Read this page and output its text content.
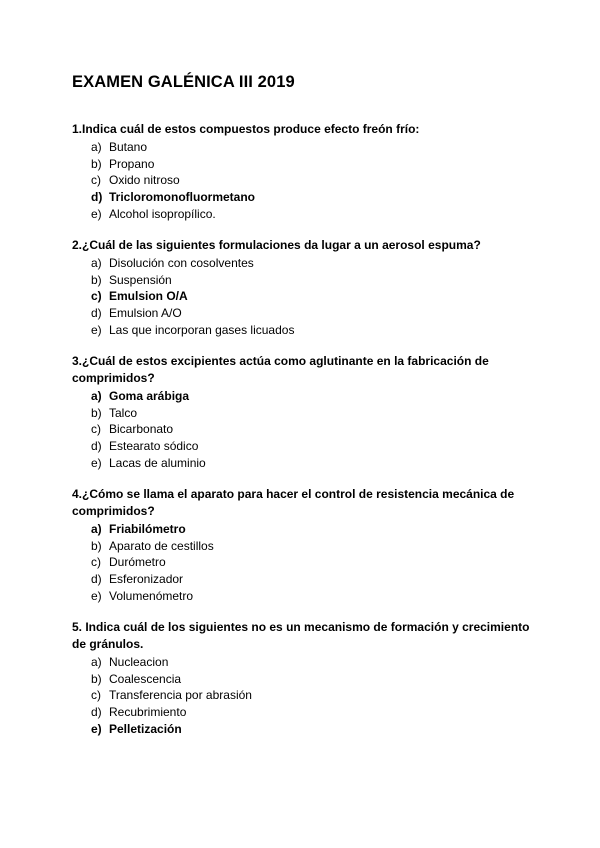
EXAMEN GALÉNICA III 2019

1.Indica cuál de estos compuestos produce efecto freón frío:

a) Butano
b) Propano
c) Oxido nitroso
d) Tricloromonofluormetano
e) Alcohol isopropílico.

2.¿Cuál de las siguientes formulaciones da lugar a un aerosol espuma?

a) Disolución con cosolventes
b) Suspensión
c) Emulsion O/A
d) Emulsion A/O
e) Las que incorporan gases licuados

3.¿Cuál de estos excipientes actúa como aglutinante en la fabricación de comprimidos?

a) Goma arábiga
b) Talco
c) Bicarbonato
d) Estearato sódico
e) Lacas de aluminio

4.¿Cómo se llama el aparato para hacer el control de resistencia mecánica de comprimidos?

a) Friabilómetro
b) Aparato de cestillos
c) Durómetro
d) Esferonizador
e) Volumenómetro

5. Indica cuál de los siguientes no es un mecanismo de formación y crecimiento de gránulos.

a) Nucleacion
b) Coalescencia
c) Transferencia por abrasión
d) Recubrimiento
e) Pelletización
